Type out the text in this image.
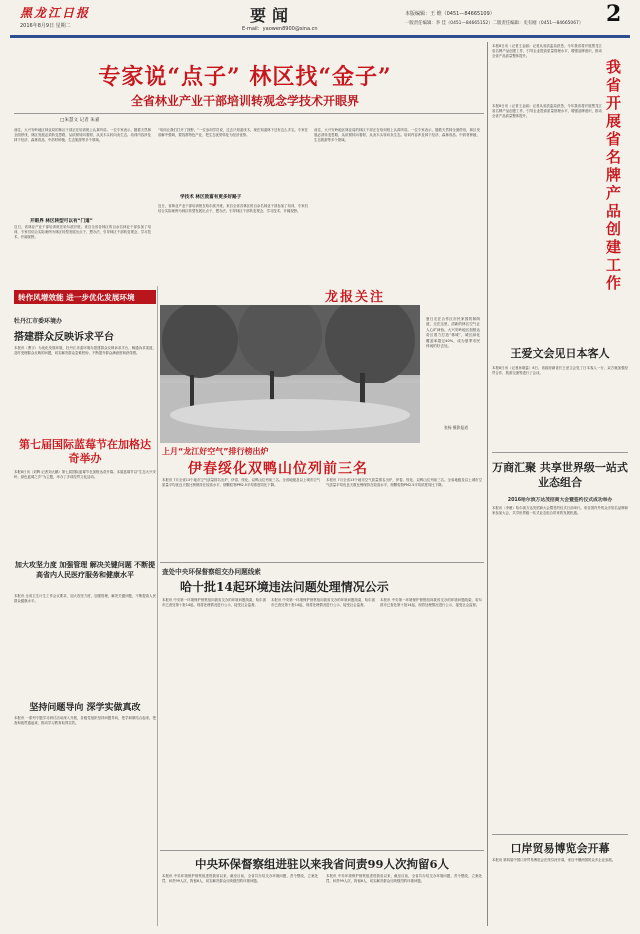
黑龙江日报
2016年8月9日 星期二
要闻
E-mail：yaowen8900@sina.cn
本版编辑：王 维（0451—84665109）
一版责任编辑：李 佳（0451—84665152）二版责任编辑：史有刚（0451—84665067） 2
专家说“点子” 林区找“金子”
全省林业产业干部培训转观念学技术开眼界
□朱慧文 记者 朱嘉
前往，大兴安岭地区林业局的林区干部正在培训班上认真听讲。一位专家表示，随着天然林全面停伐，林区发展必须转变思路，从砍树转向看树，从卖木头转向卖生态。培训内容涉及林下经济、森林食品、中药材种植、生态旅游等多个领域。
近日，省林业产业干部培训班在哈尔滨开班。来自全省各林区的百余名林业干部参加了培训，专家们结合实际案例为林区转型发展出点子、想办法，引导林区干部转变观念、学习技术、开阔视野。
开眼界 林区转型可以有“门道”
“培训让我们打开了视野。”一位参训学员说，过去只知道伐木，现在知道林下还有这么多宝。专家在讲解中强调，要找准特色产业，把生态优势转化为经济优势。
学技术 林区致富有更多好路子
近日，省林业产业干部培训班在哈尔滨开班。来自全省各林区的百余名林业干部参加了培训，专家们结合实际案例为林区转型发展出点子、想办法，引导林区干部转变观念、学习技术、开阔视野。
前往，大兴安岭地区林业局的林区干部正在培训班上认真听讲。一位专家表示，随着天然林全面停伐，林区发展必须转变思路，从砍树转向看树，从卖木头转向卖生态。培训内容涉及林下经济、森林食品、中药材种植、生态旅游等多个领域。
本报8日讯（记者王金丽）记者从省质监局获悉，今年我省将开展黑龙江省名牌产品创建工作，引导企业提高质量管理水平，增强品牌意识，推动全省产品质量整体提升。
我省开展省名牌产品创建工作
本报8日讯（记者王金丽）记者从省质监局获悉，今年我省将开展黑龙江省名牌产品创建工作，引导企业提高质量管理水平，增强品牌意识，推动全省产品质量整体提升。
王爱文会见日本客人
本报8日讯（记者孙晓雷）8日，省政府副省长王爱文会见了日本客人一行，双方就加强经贸合作、旅游交流等进行了会谈。
万商汇聚 共享世界级一站式业态组合
2016哈尔滨万达茂招商大会暨签约仪式成功举办
本报讯（李薇）哈尔滨万达茂招商大会暨签约仪式日前举行。来自国内外的众多知名品牌商家参加大会，共享世界级一站式业态组合带来的发展机遇。
口岸贸易博览会开幕
本报讯 第四届中国口岸贸易博览会在绥芬河开幕，来自中俄两国的众多企业参展。
转作风增效能 进一步优化发展环境
牡丹江市委环境办
搭建群众反映诉求平台
本报讯（曹宇）为优化发展环境，牡丹江市委环境办搭建群众反映诉求平台，畅通诉求渠道，及时受理群众反映的问题，切实解决群众急难愁盼，不断提升群众满意度和获得感。
第七届国际蓝莓节在加格达奇举办
本报8日讯（刘辉 记者刘大鹏）第七届国际蓝莓节在加格达奇开幕。本届蓝莓节以“生态大兴安岭、绿色蓝莓之乡”为主题，举办了多项经贸文化活动。
加大攻坚力度 加强管理 解决关键问题 不断提高省内人民医疗服务和健康水平
本报讯 全省卫生计生工作会议要求，加大攻坚力度，加强管理，解决关键问题，不断提高人民群众健康水平。
坚持问题导向 深学实做真改
本报讯 一系列专题学习研讨活动深入开展，各级党组织坚持问题导向，把学和做结合起来，把查和改贯通起来，推动学习教育取得实效。
龙报关注
夏日走在合作区市民家园的林荫道，走在这里，清新的林区空气让人心旷神怡。大兴安岭地区加格达奇区着力打造“林城”，城区绿化覆盖率超过40%，成为夏季市民休闲的好去处。
张杨 摄影报道
上月“龙江好空气”排行榜出炉
伊春绥化双鸭山位列前三名
本报讯 7月全省13个地市空气质量排名出炉，伊春、绥化、双鸭山位列前三名。全省地级及以上城市空气质量平均优良天数比例保持在较高水平，细颗粒物PM2.5平均浓度同比下降。
本报讯 7月全省13个地市空气质量排名出炉，伊春、绥化、双鸭山位列前三名。全省地级及以上城市空气质量平均优良天数比例保持在较高水平，细颗粒物PM2.5平均浓度同比下降。
查处中央环保督察组交办问题线索
哈十批14起环境违法问题处理情况公示
本报讯 中央第一环境保护督察组向我省交办的环境问题线索，哈尔滨市已查处第十批14起，现将处理情况进行公示，接受社会监督。
本报讯 中央第一环境保护督察组向我省交办的环境问题线索，哈尔滨市已查处第十批14起，现将处理情况进行公示，接受社会监督。
本报讯 中央第一环境保护督察组向我省交办的环境问题线索，哈尔滨市已查处第十批14起，现将处理情况进行公示，接受社会监督。
中央环保督察组进驻以来我省问责99人次拘留6人
本报讯 中央环境保护督察组进驻我省以来，截至目前，全省共办结交办环境问题，责令整改，立案处罚，问责99人次，拘留6人，切实解决群众反映强烈的环境问题。
本报讯 中央环境保护督察组进驻我省以来，截至目前，全省共办结交办环境问题，责令整改，立案处罚，问责99人次，拘留6人，切实解决群众反映强烈的环境问题。
